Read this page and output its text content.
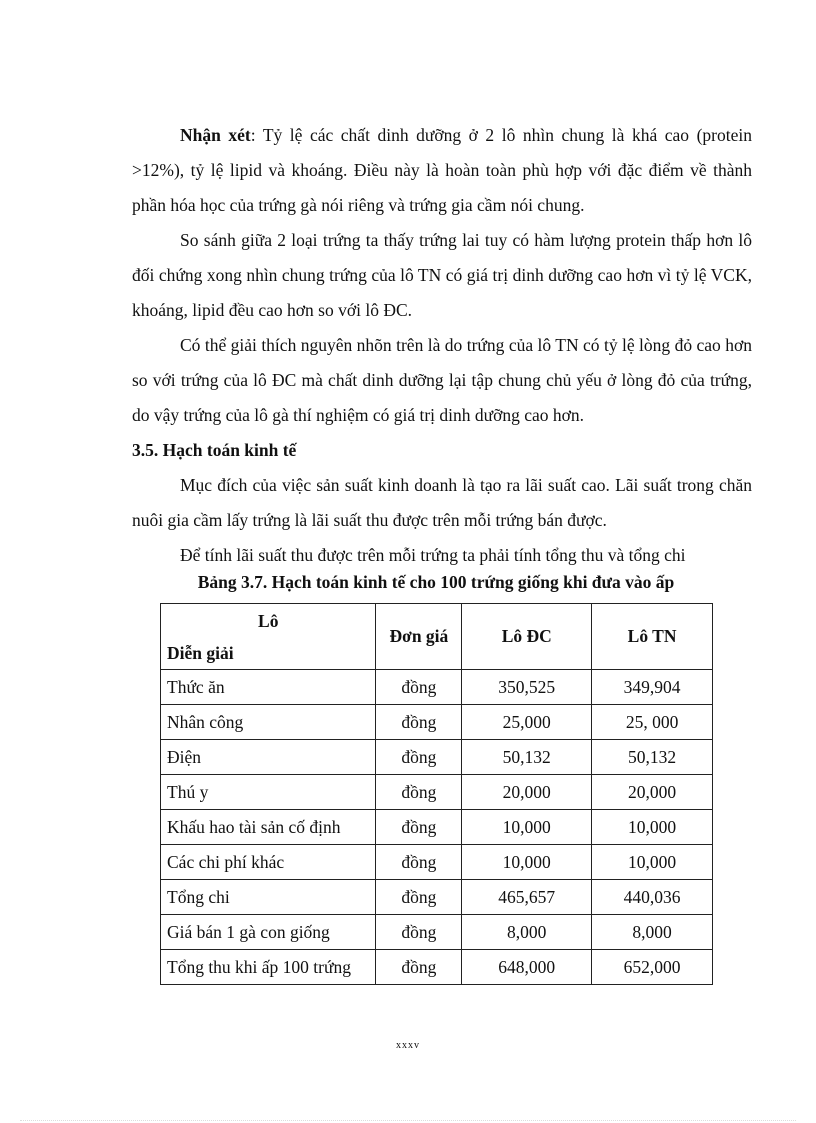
Nhận xét: Tỷ lệ các chất dinh dưỡng ở 2 lô nhìn chung là khá cao (protein >12%), tỷ lệ lipid và khoáng. Điều này là hoàn toàn phù hợp với đặc điểm về thành phần hóa học của trứng gà nói riêng và trứng gia cầm nói chung.

So sánh giữa 2 loại trứng ta thấy trứng lai tuy có hàm lượng protein thấp hơn lô đối chứng xong nhìn chung trứng của lô TN có giá trị dinh dưỡng cao hơn vì tỷ lệ VCK, khoáng, lipid đều cao hơn so với lô ĐC.

Có thể giải thích nguyên nhõn trên là do trứng của lô TN có tỷ lệ lòng đỏ cao hơn so với trứng của lô ĐC mà chất dinh dưỡng lại tập chung chủ yếu ở lòng đỏ của trứng, do vậy trứng của lô gà thí nghiệm có giá trị dinh dưỡng cao hơn.

3.5. Hạch toán kinh tế

Mục đích của việc sản suất kinh doanh là tạo ra lãi suất cao. Lãi suất trong chăn nuôi gia cầm lấy trứng là lãi suất thu được trên mỗi trứng bán được.

Để tính lãi suất thu được trên mỗi trứng ta phải tính tổng thu và tổng chi

Bảng 3.7. Hạch toán kinh tế cho 100 trứng giống khi đưa vào ấp
Lô
Diễn giải	Đơn giá	Lô ĐC	Lô TN
Thức ăn	đồng	350,525	349,904
Nhân công	đồng	25,000	25, 000
Điện	đồng	50,132	50,132
Thú y	đồng	20,000	20,000
Khấu hao tài sản cố định	đồng	10,000	10,000
Các chi phí khác	đồng	10,000	10,000
Tổng chi	đồng	465,657	440,036
Giá bán 1 gà con giống	đồng	8,000	8,000
Tổng thu khi ấp 100 trứng	đồng	648,000	652,000
xxxv
